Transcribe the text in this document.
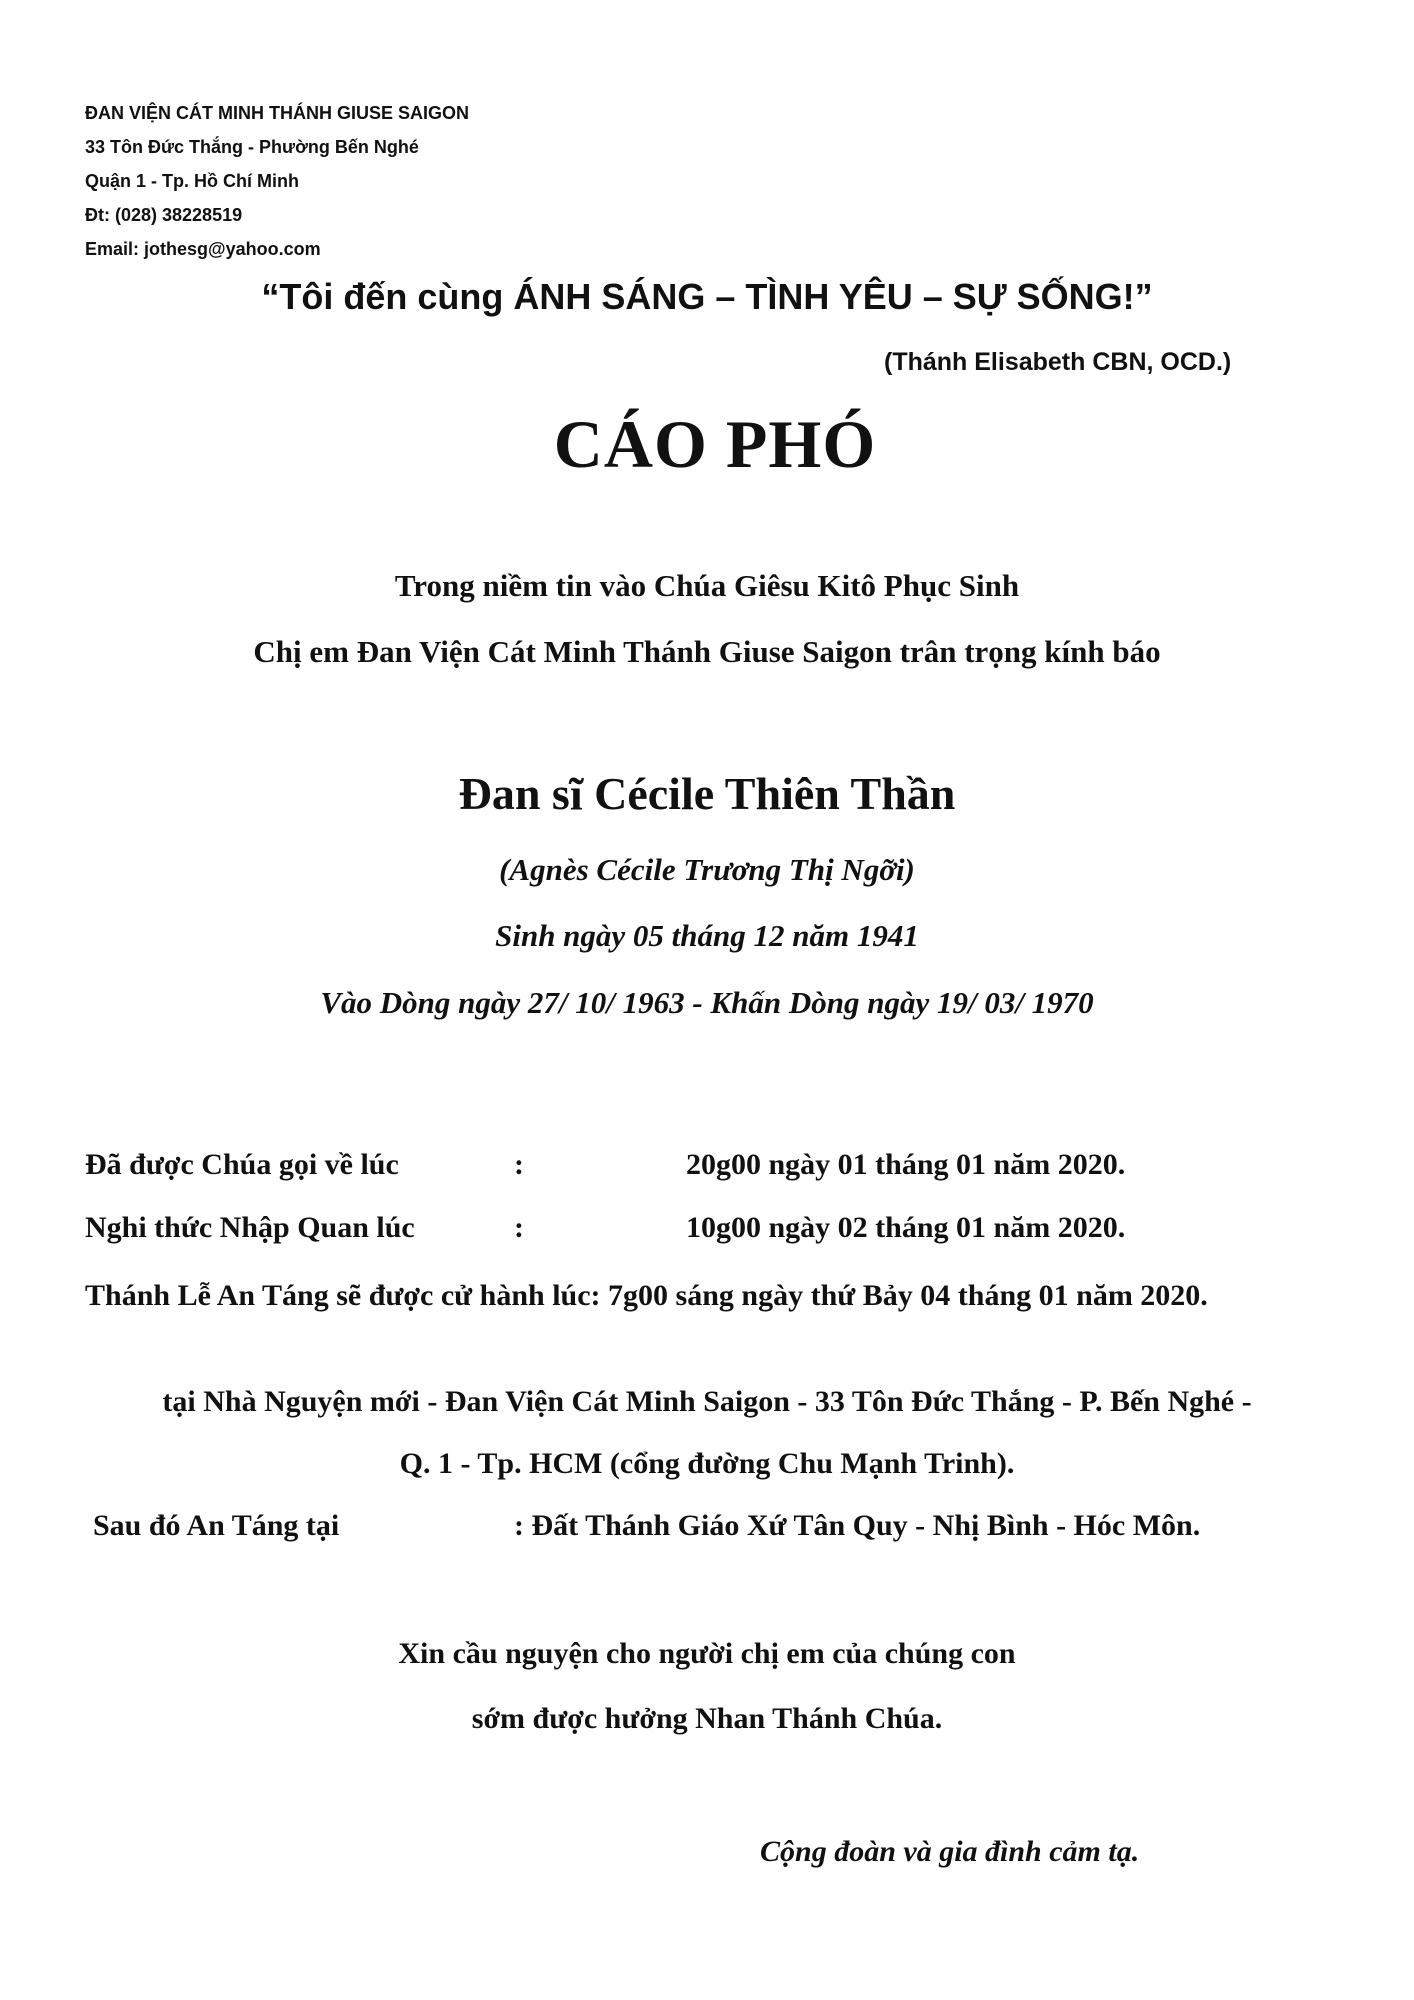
ĐAN VIỆN CÁT MINH THÁNH GIUSE SAIGON
33 Tôn Đức Thắng - Phường Bến Nghé
Quận 1 - Tp. Hồ Chí Minh
Đt: (028) 38228519
Email: jothesg@yahoo.com
“Tôi đến cùng ÁNH SÁNG – TÌNH YÊU – SỰ SỐNG!”
(Thánh Elisabeth CBN, OCD.)
CÁO PHÓ
Trong niềm tin vào Chúa Giêsu Kitô Phục Sinh
Chị em Đan Viện Cát Minh Thánh Giuse Saigon trân trọng kính báo
Đan sĩ Cécile Thiên Thần
(Agnès Cécile Trương Thị Ngỡi)
Sinh ngày 05 tháng 12 năm 1941
Vào Dòng ngày 27/ 10/ 1963 - Khấn Dòng ngày 19/ 03/ 1970
Đã được Chúa gọi về lúc	:	20g00 ngày 01 tháng 01 năm 2020.
Nghi thức Nhập Quan lúc	:	10g00 ngày 02 tháng 01 năm 2020.
Thánh Lễ An Táng sẽ được cử hành lúc: 7g00 sáng ngày thứ Bảy 04 tháng 01 năm 2020.
tại Nhà Nguyện mới - Đan Viện Cát Minh Saigon - 33 Tôn Đức Thắng - P. Bến Nghé -
Q. 1 - Tp. HCM (cổng đường Chu Mạnh Trinh).
Sau đó An Táng tại	: Đất Thánh Giáo Xứ Tân Quy - Nhị Bình - Hóc Môn.
Xin cầu nguyện cho người chị em của chúng con
sớm được hưởng Nhan Thánh Chúa.
Cộng đoàn và gia đình cảm tạ.
